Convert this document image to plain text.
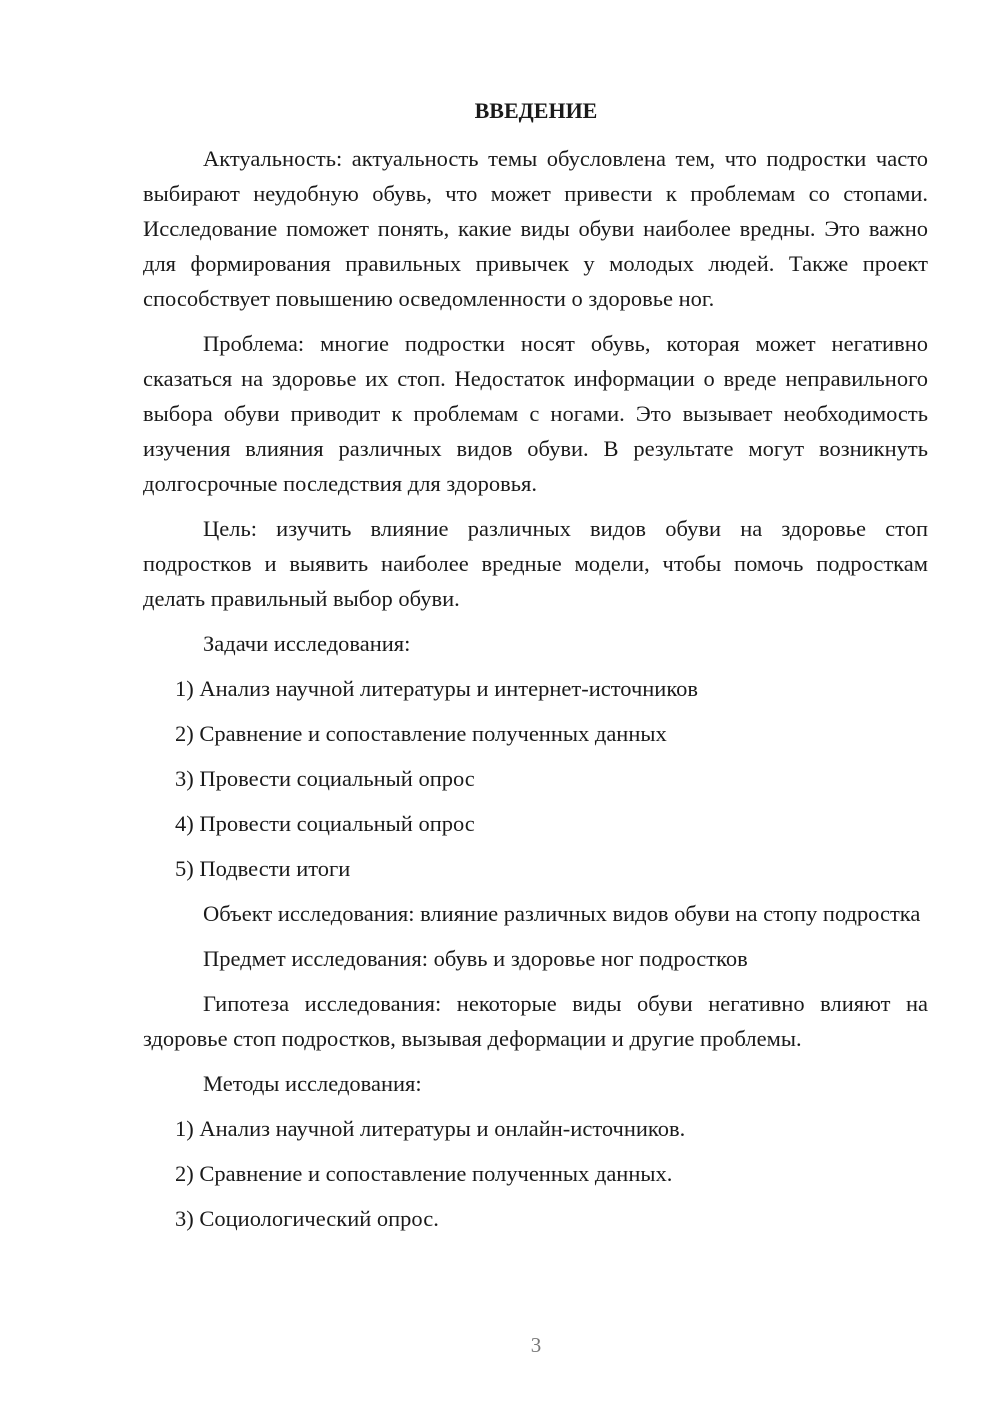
ВВЕДЕНИЕ

Актуальность: актуальность темы обусловлена тем, что подростки часто выбирают неудобную обувь, что может привести к проблемам со стопами. Исследование поможет понять, какие виды обуви наиболее вредны. Это важно для формирования правильных привычек у молодых людей. Также проект способствует повышению осведомленности о здоровье ног.

Проблема: многие подростки носят обувь, которая может негативно сказаться на здоровье их стоп. Недостаток информации о вреде неправильного выбора обуви приводит к проблемам с ногами. Это вызывает необходимость изучения влияния различных видов обуви. В результате могут возникнуть долгосрочные последствия для здоровья.

Цель: изучить влияние различных видов обуви на здоровье стоп подростков и выявить наиболее вредные модели, чтобы помочь подросткам делать правильный выбор обуви.

Задачи исследования:

1) Анализ научной литературы и интернет-источников

2) Сравнение и сопоставление полученных данных

3) Провести социальный опрос

4) Провести социальный опрос

5) Подвести итоги

Объект исследования: влияние различных видов обуви на стопу подростка

Предмет исследования: обувь и здоровье ног подростков

Гипотеза исследования: некоторые виды обуви негативно влияют на здоровье стоп подростков, вызывая деформации и другие проблемы.

Методы исследования:

1) Анализ научной литературы и онлайн-источников.

2) Сравнение и сопоставление полученных данных.

3) Социологический опрос.

3
